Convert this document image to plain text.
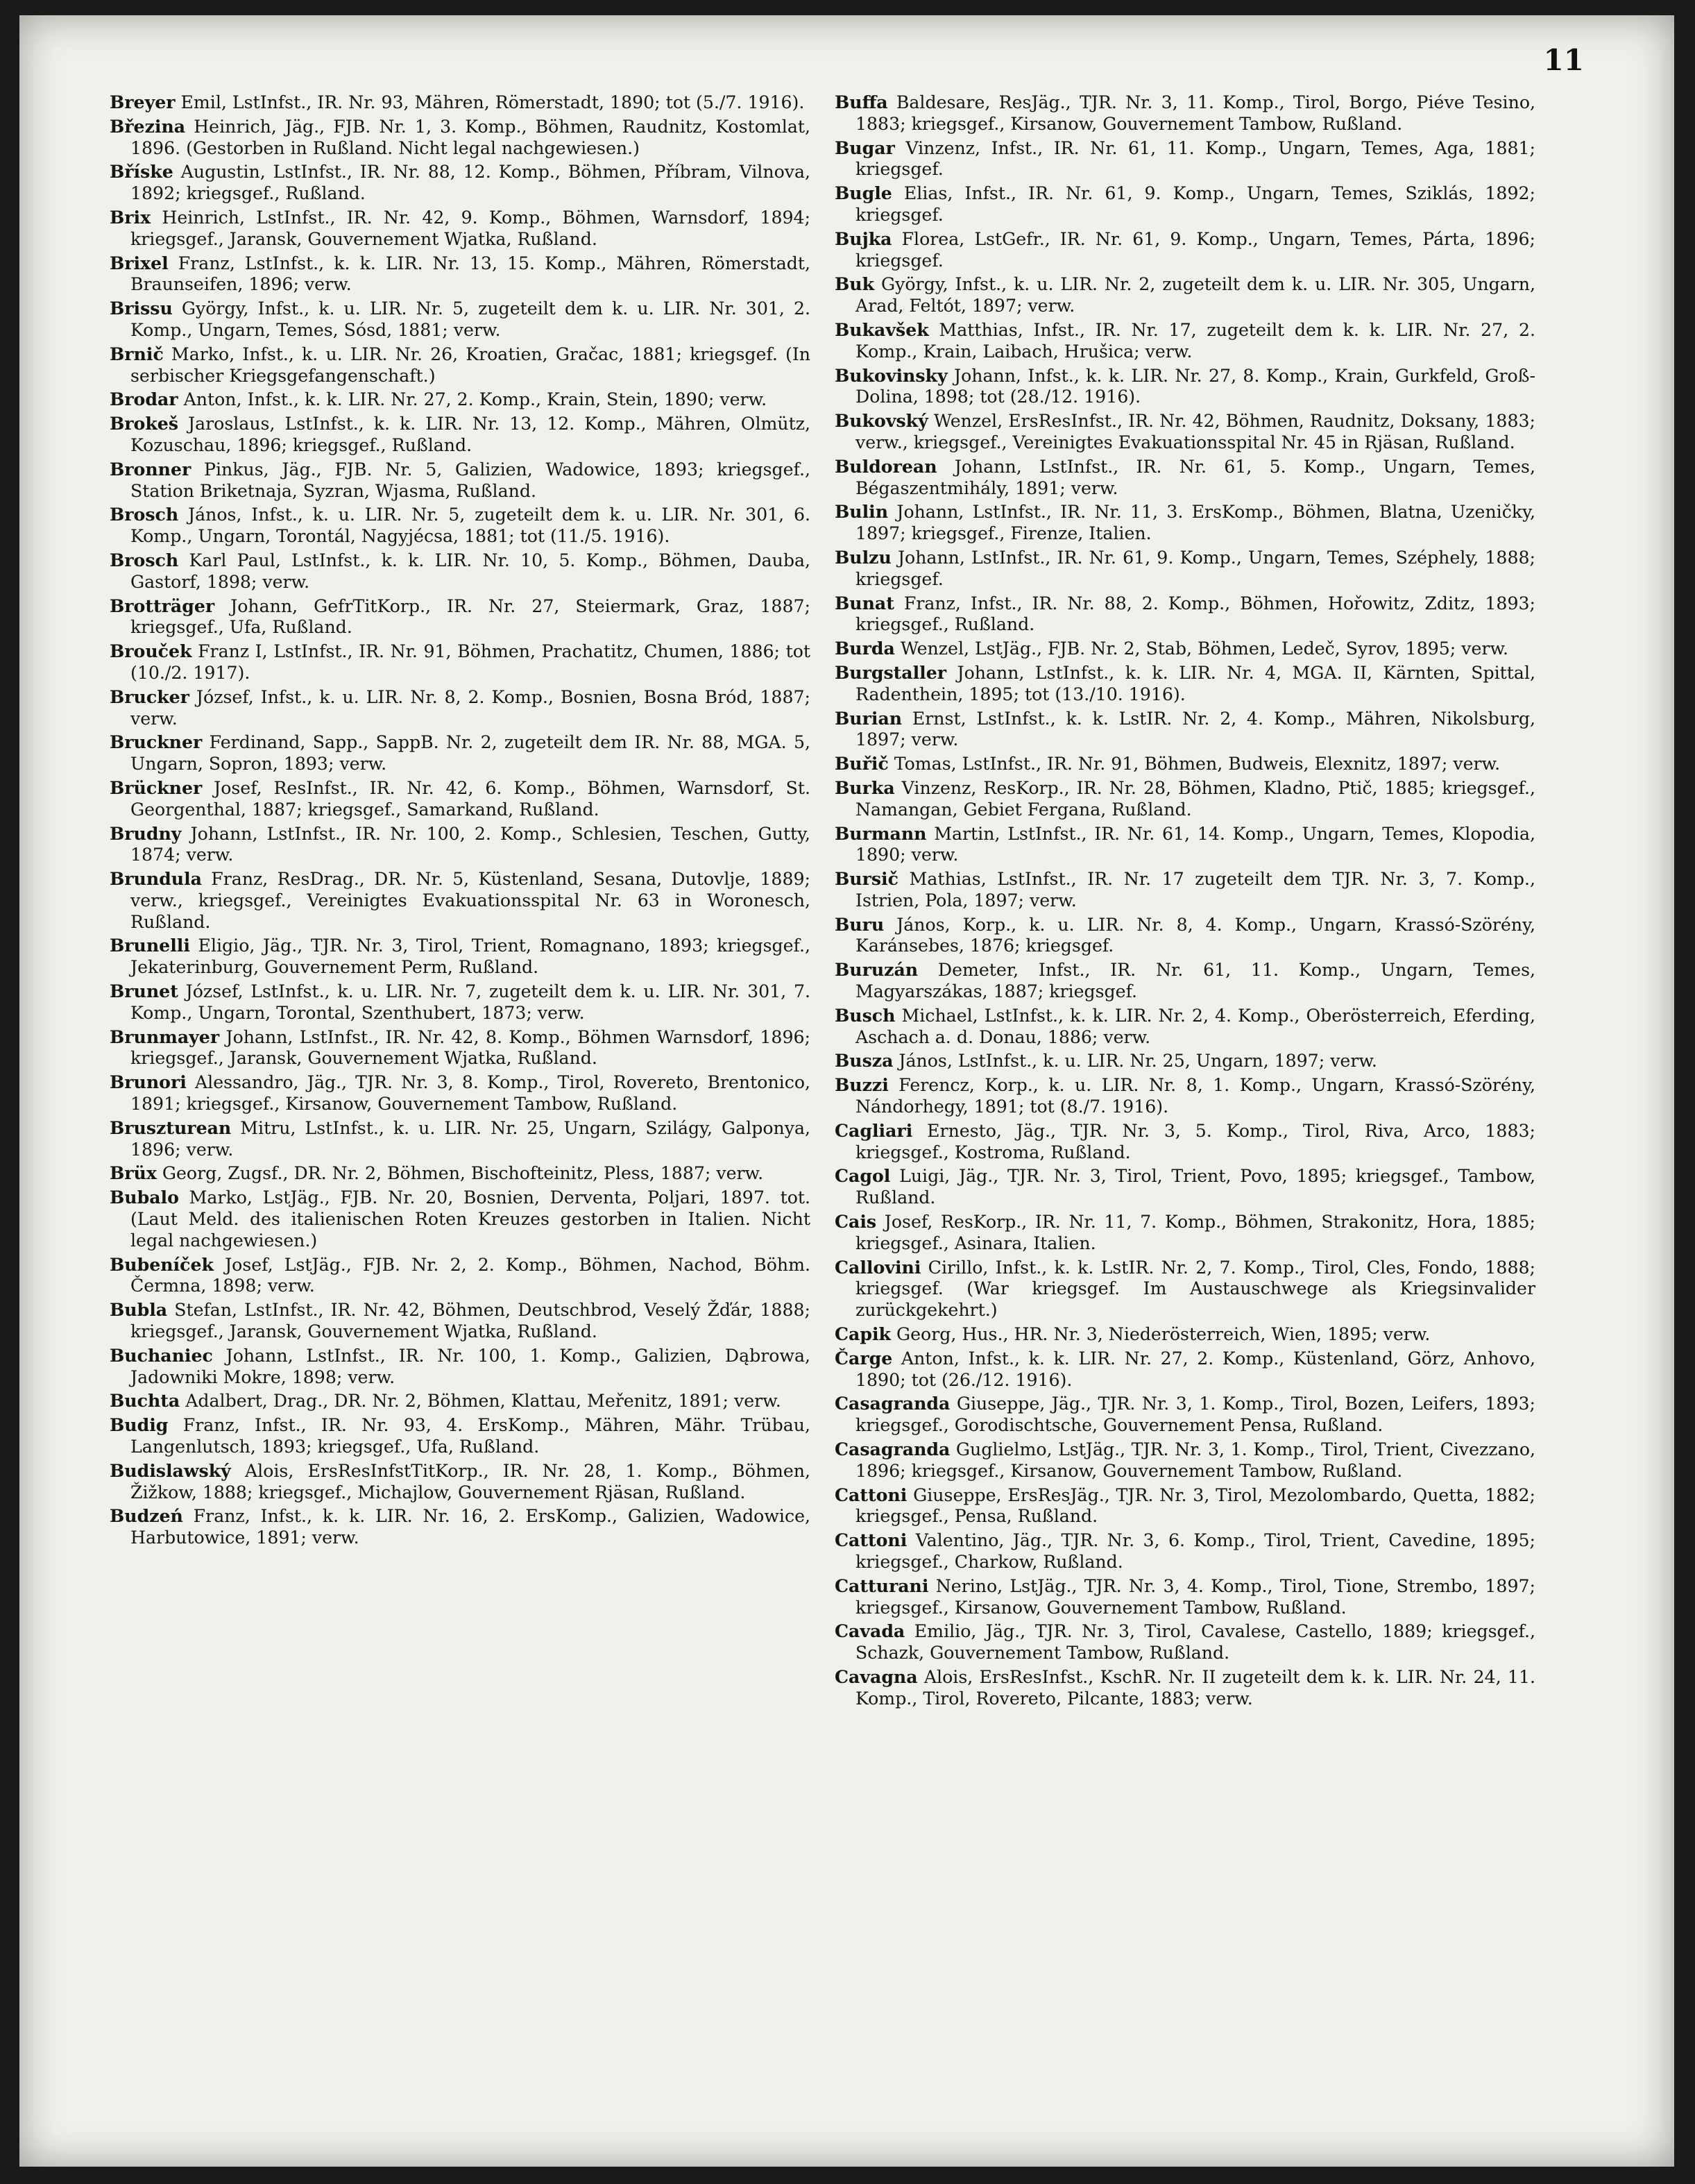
11

Breyer Emil, LstInfst., IR. Nr. 93, Mähren, Römerstadt, 1890; tot (5./7. 1916).

Březina Heinrich, Jäg., FJB. Nr. 1, 3. Komp., Böhmen, Raudnitz, Kostomlat, 1896. (Gestorben in Rußland. Nicht legal nachgewiesen.)

Bříske Augustin, LstInfst., IR. Nr. 88, 12. Komp., Böhmen, Příbram, Vilnova, 1892; kriegsgef., Rußland.

Brix Heinrich, LstInfst., IR. Nr. 42, 9. Komp., Böhmen, Warnsdorf, 1894; kriegsgef., Jaransk, Gouvernement Wjatka, Rußland.

Brixel Franz, LstInfst., k. k. LIR. Nr. 13, 15. Komp., Mähren, Römerstadt, Braunseifen, 1896; verw.

Brissu György, Infst., k. u. LIR. Nr. 5, zugeteilt dem k. u. LIR. Nr. 301, 2. Komp., Ungarn, Temes, Sósd, 1881; verw.

Brnič Marko, Infst., k. u. LIR. Nr. 26, Kroatien, Gračac, 1881; kriegsgef. (In serbischer Kriegsgefangenschaft.)

Brodar Anton, Infst., k. k. LIR. Nr. 27, 2. Komp., Krain, Stein, 1890; verw.

Brokeš Jaroslaus, LstInfst., k. k. LIR. Nr. 13, 12. Komp., Mähren, Olmütz, Kozuschau, 1896; kriegsgef., Rußland.

Bronner Pinkus, Jäg., FJB. Nr. 5, Galizien, Wadowice, 1893; kriegsgef., Station Briketnaja, Syzran, Wjasma, Rußland.

Brosch János, Infst., k. u. LIR. Nr. 5, zugeteilt dem k. u. LIR. Nr. 301, 6. Komp., Ungarn, Torontál, Nagyjécsa, 1881; tot (11./5. 1916).

Brosch Karl Paul, LstInfst., k. k. LIR. Nr. 10, 5. Komp., Böhmen, Dauba, Gastorf, 1898; verw.

Brotträger Johann, GefrTitKorp., IR. Nr. 27, Steiermark, Graz, 1887; kriegsgef., Ufa, Rußland.

Brouček Franz I, LstInfst., IR. Nr. 91, Böhmen, Prachatitz, Chumen, 1886; tot (10./2. 1917).

Brucker József, Infst., k. u. LIR. Nr. 8, 2. Komp., Bosnien, Bosna Bród, 1887; verw.

Bruckner Ferdinand, Sapp., SappB. Nr. 2, zugeteilt dem IR. Nr. 88, MGA. 5, Ungarn, Sopron, 1893; verw.

Brückner Josef, ResInfst., IR. Nr. 42, 6. Komp., Böhmen, Warnsdorf, St. Georgenthal, 1887; kriegsgef., Samarkand, Rußland.

Brudny Johann, LstInfst., IR. Nr. 100, 2. Komp., Schlesien, Teschen, Gutty, 1874; verw.

Brundula Franz, ResDrag., DR. Nr. 5, Küstenland, Sesana, Dutovlje, 1889; verw., kriegsgef., Vereinigtes Evakuationsspital Nr. 63 in Woronesch, Rußland.

Brunelli Eligio, Jäg., TJR. Nr. 3, Tirol, Trient, Romagnano, 1893; kriegsgef., Jekaterinburg, Gouvernement Perm, Rußland.

Brunet József, LstInfst., k. u. LIR. Nr. 7, zugeteilt dem k. u. LIR. Nr. 301, 7. Komp., Ungarn, Torontal, Szenthubert, 1873; verw.

Brunmayer Johann, LstInfst., IR. Nr. 42, 8. Komp., Böhmen Warnsdorf, 1896; kriegsgef., Jaransk, Gouvernement Wjatka, Rußland.

Brunori Alessandro, Jäg., TJR. Nr. 3, 8. Komp., Tirol, Rovereto, Brentonico, 1891; kriegsgef., Kirsanow, Gouvernement Tambow, Rußland.

Bruszturean Mitru, LstInfst., k. u. LIR. Nr. 25, Ungarn, Szilágy, Galponya, 1896; verw.

Brüx Georg, Zugsf., DR. Nr. 2, Böhmen, Bischofteinitz, Pless, 1887; verw.

Bubalo Marko, LstJäg., FJB. Nr. 20, Bosnien, Derventa, Poljari, 1897. tot. (Laut Meld. des italienischen Roten Kreuzes gestorben in Italien. Nicht legal nachgewiesen.)

Bubeníček Josef, LstJäg., FJB. Nr. 2, 2. Komp., Böhmen, Nachod, Böhm. Čermna, 1898; verw.

Bubla Stefan, LstInfst., IR. Nr. 42, Böhmen, Deutschbrod, Veselý Žďár, 1888; kriegsgef., Jaransk, Gouvernement Wjatka, Rußland.

Buchaniec Johann, LstInfst., IR. Nr. 100, 1. Komp., Galizien, Dąbrowa, Jadowniki Mokre, 1898; verw.

Buchta Adalbert, Drag., DR. Nr. 2, Böhmen, Klattau, Meřenitz, 1891; verw.

Budig Franz, Infst., IR. Nr. 93, 4. ErsKomp., Mähren, Mähr. Trübau, Langenlutsch, 1893; kriegsgef., Ufa, Rußland.

Budislawský Alois, ErsResInfstTitKorp., IR. Nr. 28, 1. Komp., Böhmen, Žižkow, 1888; kriegsgef., Michajlow, Gouvernement Rjäsan, Rußland.

Budzeń Franz, Infst., k. k. LIR. Nr. 16, 2. ErsKomp., Galizien, Wadowice, Harbutowice, 1891; verw.

Buffa Baldesare, ResJäg., TJR. Nr. 3, 11. Komp., Tirol, Borgo, Piéve Tesino, 1883; kriegsgef., Kirsanow, Gouvernement Tambow, Rußland.

Bugar Vinzenz, Infst., IR. Nr. 61, 11. Komp., Ungarn, Temes, Aga, 1881; kriegsgef.

Bugle Elias, Infst., IR. Nr. 61, 9. Komp., Ungarn, Temes, Sziklás, 1892; kriegsgef.

Bujka Florea, LstGefr., IR. Nr. 61, 9. Komp., Ungarn, Temes, Párta, 1896; kriegsgef.

Buk György, Infst., k. u. LIR. Nr. 2, zugeteilt dem k. u. LIR. Nr. 305, Ungarn, Arad, Feltót, 1897; verw.

Bukavšek Matthias, Infst., IR. Nr. 17, zugeteilt dem k. k. LIR. Nr. 27, 2. Komp., Krain, Laibach, Hrušica; verw.

Bukovinsky Johann, Infst., k. k. LIR. Nr. 27, 8. Komp., Krain, Gurkfeld, Groß-Dolina, 1898; tot (28./12. 1916).

Bukovský Wenzel, ErsResInfst., IR. Nr. 42, Böhmen, Raudnitz, Doksany, 1883; verw., kriegsgef., Vereinigtes Evakuationsspital Nr. 45 in Rjäsan, Rußland.

Buldorean Johann, LstInfst., IR. Nr. 61, 5. Komp., Ungarn, Temes, Bégaszentmihály, 1891; verw.

Bulin Johann, LstInfst., IR. Nr. 11, 3. ErsKomp., Böhmen, Blatna, Uzeničky, 1897; kriegsgef., Firenze, Italien.

Bulzu Johann, LstInfst., IR. Nr. 61, 9. Komp., Ungarn, Temes, Széphely, 1888; kriegsgef.

Bunat Franz, Infst., IR. Nr. 88, 2. Komp., Böhmen, Hořowitz, Zditz, 1893; kriegsgef., Rußland.

Burda Wenzel, LstJäg., FJB. Nr. 2, Stab, Böhmen, Ledeč, Syrov, 1895; verw.

Burgstaller Johann, LstInfst., k. k. LIR. Nr. 4, MGA. II, Kärnten, Spittal, Radenthein, 1895; tot (13./10. 1916).

Burian Ernst, LstInfst., k. k. LstIR. Nr. 2, 4. Komp., Mähren, Nikolsburg, 1897; verw.

Buřič Tomas, LstInfst., IR. Nr. 91, Böhmen, Budweis, Elexnitz, 1897; verw.

Burka Vinzenz, ResKorp., IR. Nr. 28, Böhmen, Kladno, Ptič, 1885; kriegsgef., Namangan, Gebiet Fergana, Rußland.

Burmann Martin, LstInfst., IR. Nr. 61, 14. Komp., Ungarn, Temes, Klopodia, 1890; verw.

Bursič Mathias, LstInfst., IR. Nr. 17 zugeteilt dem TJR. Nr. 3, 7. Komp., Istrien, Pola, 1897; verw.

Buru János, Korp., k. u. LIR. Nr. 8, 4. Komp., Ungarn, Krassó-Szörény, Karánsebes, 1876; kriegsgef.

Buruzán Demeter, Infst., IR. Nr. 61, 11. Komp., Ungarn, Temes, Magyarszákas, 1887; kriegsgef.

Busch Michael, LstInfst., k. k. LIR. Nr. 2, 4. Komp., Oberösterreich, Eferding, Aschach a. d. Donau, 1886; verw.

Busza János, LstInfst., k. u. LIR. Nr. 25, Ungarn, 1897; verw.

Buzzi Ferencz, Korp., k. u. LIR. Nr. 8, 1. Komp., Ungarn, Krassó-Szörény, Nándorhegy, 1891; tot (8./7. 1916).

Cagliari Ernesto, Jäg., TJR. Nr. 3, 5. Komp., Tirol, Riva, Arco, 1883; kriegsgef., Kostroma, Rußland.

Cagol Luigi, Jäg., TJR. Nr. 3, Tirol, Trient, Povo, 1895; kriegsgef., Tambow, Rußland.

Cais Josef, ResKorp., IR. Nr. 11, 7. Komp., Böhmen, Strakonitz, Hora, 1885; kriegsgef., Asinara, Italien.

Callovini Cirillo, Infst., k. k. LstIR. Nr. 2, 7. Komp., Tirol, Cles, Fondo, 1888; kriegsgef. (War kriegsgef. Im Austauschwege als Kriegsinvalider zurückgekehrt.)

Capik Georg, Hus., HR. Nr. 3, Niederösterreich, Wien, 1895; verw.

Čarge Anton, Infst., k. k. LIR. Nr. 27, 2. Komp., Küstenland, Görz, Anhovo, 1890; tot (26./12. 1916).

Casagranda Giuseppe, Jäg., TJR. Nr. 3, 1. Komp., Tirol, Bozen, Leifers, 1893; kriegsgef., Gorodischtsche, Gouvernement Pensa, Rußland.

Casagranda Guglielmo, LstJäg., TJR. Nr. 3, 1. Komp., Tirol, Trient, Civezzano, 1896; kriegsgef., Kirsanow, Gouvernement Tambow, Rußland.

Cattoni Giuseppe, ErsResJäg., TJR. Nr. 3, Tirol, Mezolombardo, Quetta, 1882; kriegsgef., Pensa, Rußland.

Cattoni Valentino, Jäg., TJR. Nr. 3, 6. Komp., Tirol, Trient, Cavedine, 1895; kriegsgef., Charkow, Rußland.

Catturani Nerino, LstJäg., TJR. Nr. 3, 4. Komp., Tirol, Tione, Strembo, 1897; kriegsgef., Kirsanow, Gouvernement Tambow, Rußland.

Cavada Emilio, Jäg., TJR. Nr. 3, Tirol, Cavalese, Castello, 1889; kriegsgef., Schazk, Gouvernement Tambow, Rußland.

Cavagna Alois, ErsResInfst., KschR. Nr. II zugeteilt dem k. k. LIR. Nr. 24, 11. Komp., Tirol, Rovereto, Pilcante, 1883; verw.
